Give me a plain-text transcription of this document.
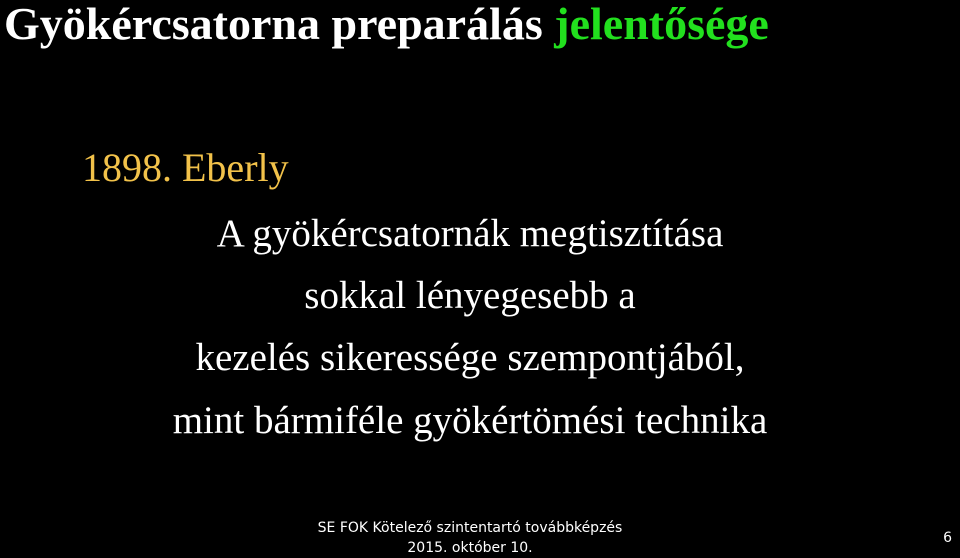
Gyökércsatorna preparálás jelentősége
1898. Eberly
A gyökércsatornák megtisztítása
sokkal lényegesebb a
kezelés sikeressége szempontjából,
mint bármiféle gyökértömési technika
SE FOK Kötelező szintentartó továbbképzés
2015. október 10.
6
